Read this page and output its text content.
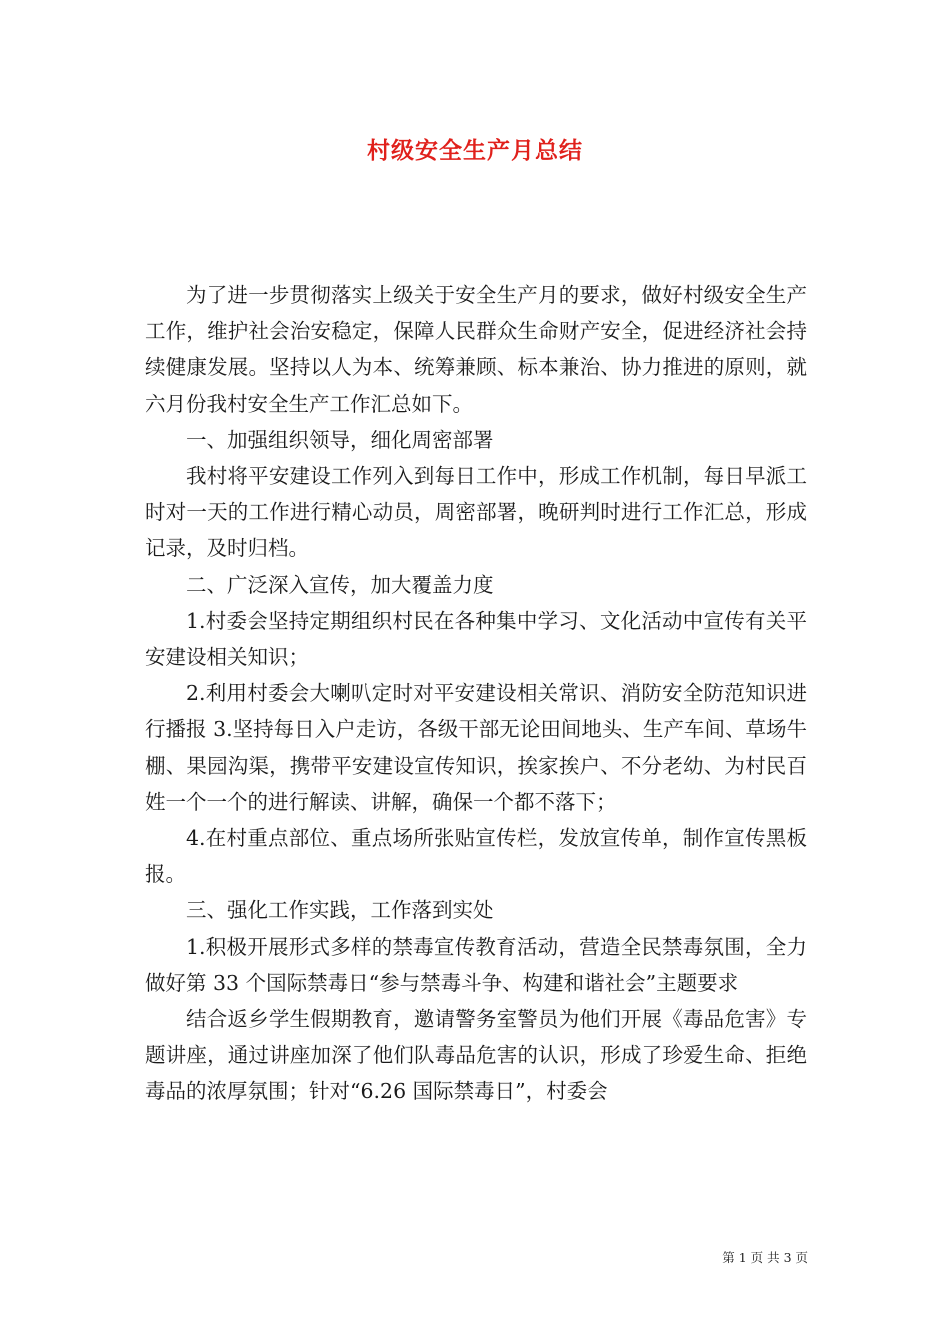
村级安全生产月总结

为了进一步贯彻落实上级关于安全生产月的要求，做好村级安全生产工作，维护社会治安稳定，保障人民群众生命财产安全，促进经济社会持续健康发展。坚持以人为本、统筹兼顾、标本兼治、协力推进的原则，就六月份我村安全生产工作汇总如下。

一、加强组织领导，细化周密部署

我村将平安建设工作列入到每日工作中，形成工作机制，每日早派工时对一天的工作进行精心动员，周密部署，晚研判时进行工作汇总，形成记录，及时归档。

二、广泛深入宣传，加大覆盖力度

1.村委会坚持定期组织村民在各种集中学习、文化活动中宣传有关平安建设相关知识；

2.利用村委会大喇叭定时对平安建设相关常识、消防安全防范知识进行播报 3.坚持每日入户走访，各级干部无论田间地头、生产车间、草场牛棚、果园沟渠，携带平安建设宣传知识，挨家挨户、不分老幼、为村民百姓一个一个的进行解读、讲解，确保一个都不落下；

4.在村重点部位、重点场所张贴宣传栏，发放宣传单，制作宣传黑板报。

三、强化工作实践，工作落到实处

1.积极开展形式多样的禁毒宣传教育活动，营造全民禁毒氛围，全力做好第 33 个国际禁毒日“参与禁毒斗争、构建和谐社会”主题要求

结合返乡学生假期教育，邀请警务室警员为他们开展《毒品危害》专题讲座，通过讲座加深了他们队毒品危害的认识，形成了珍爱生命、拒绝毒品的浓厚氛围；针对“6.26 国际禁毒日”，村委会

第 1 页 共 3 页
